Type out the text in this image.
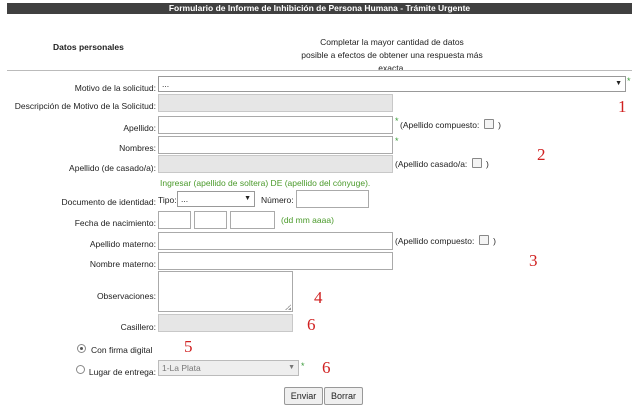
Formulario de Informe de Inhibición de Persona Humana - Trámite Urgente
Datos personales	Completar la mayor cantidad de datos
posible a efectos de obtener una respuesta más exacta.
Motivo de la solicitud: ...	▼ *
Descripción de Motivo de la Solicitud:
Apellido:
* (Apellido compuesto: )
Nombres:
*
Apellido (de casado/a):	(Apellido casado/a: )
Ingresar (apellido de soltera) DE (apellido del cónyuge).
Documento de identidad: Tipo: ...	▼ Número:
Fecha de nacimiento:	(dd mm aaaa)
Apellido materno:	(Apellido compuesto: )
Nombre materno:
Observaciones:
Casillero:
Con firma digital
Lugar de entrega: 1-La Plata	▼ *
Enviar	Borrar
1
2
3
4
5
6
6
